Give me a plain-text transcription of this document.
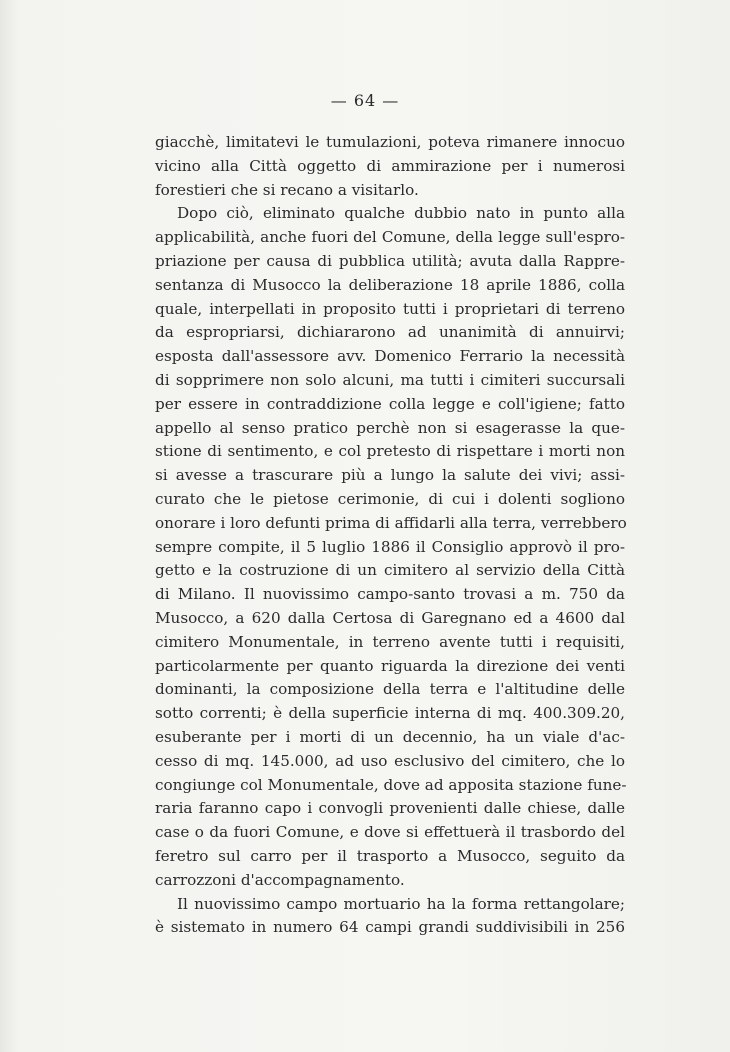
— 64 —
giacchè, limitatevi le tumulazioni, poteva rimanere innocuo
vicino alla Città oggetto di ammirazione per i numerosi
forestieri che si recano a visitarlo.
Dopo ciò, eliminato qualche dubbio nato in punto alla
applicabilità, anche fuori del Comune, della legge sull'espro-
priazione per causa di pubblica utilità; avuta dalla Rappre-
sentanza di Musocco la deliberazione 18 aprile 1886, colla
quale, interpellati in proposito tutti i proprietari di terreno
da espropriarsi, dichiararono ad unanimità di annuirvi;
esposta dall'assessore avv. Domenico Ferrario la necessità
di sopprimere non solo alcuni, ma tutti i cimiteri succursali
per essere in contraddizione colla legge e coll'igiene; fatto
appello al senso pratico perchè non si esagerasse la que-
stione di sentimento, e col pretesto di rispettare i morti non
si avesse a trascurare più a lungo la salute dei vivi; assi-
curato che le pietose cerimonie, di cui i dolenti sogliono
onorare i loro defunti prima di affidarli alla terra, verrebbero
sempre compite, il 5 luglio 1886 il Consiglio approvò il pro-
getto e la costruzione di un cimitero al servizio della Città
di Milano. Il nuovissimo campo-santo trovasi a m. 750 da
Musocco, a 620 dalla Certosa di Garegnano ed a 4600 dal
cimitero Monumentale, in terreno avente tutti i requisiti,
particolarmente per quanto riguarda la direzione dei venti
dominanti, la composizione della terra e l'altitudine delle
sotto correnti; è della superficie interna di mq. 400.309.20,
esuberante per i morti di un decennio, ha un viale d'ac-
cesso di mq. 145.000, ad uso esclusivo del cimitero, che lo
congiunge col Monumentale, dove ad apposita stazione fune-
raria faranno capo i convogli provenienti dalle chiese, dalle
case o da fuori Comune, e dove si effettuerà il trasbordo del
feretro sul carro per il trasporto a Musocco, seguito da
carrozzoni d'accompagnamento.
Il nuovissimo campo mortuario ha la forma rettangolare;
è sistemato in numero 64 campi grandi suddivisibili in 256
